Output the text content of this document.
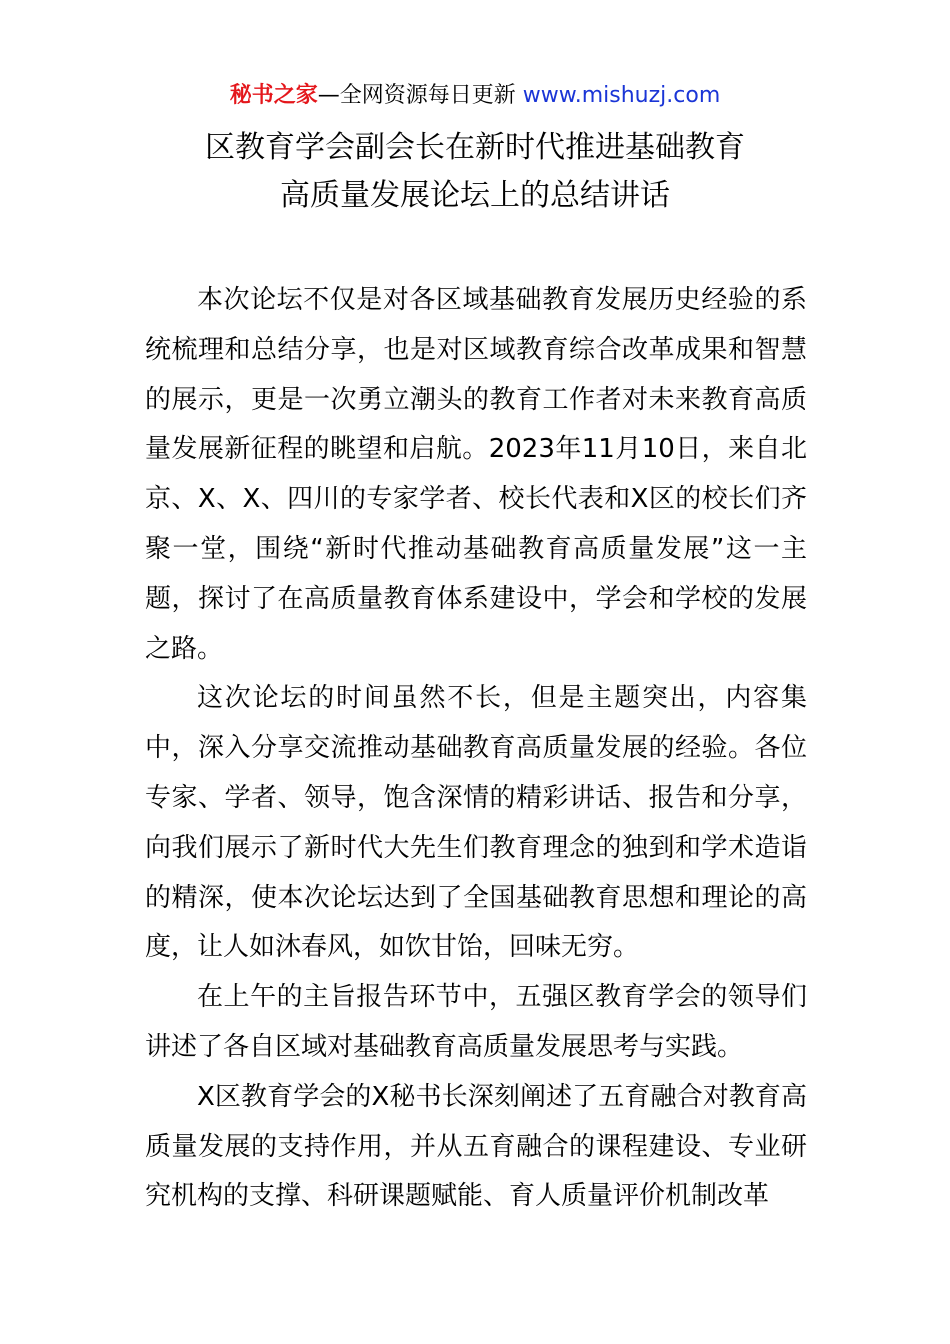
秘书之家—全网资源每日更新 www.mishuzj.com
区教育学会副会长在新时代推进基础教育
高质量发展论坛上的总结讲话

本次论坛不仅是对各区域基础教育发展历史经验的系统梳理和总结分享，也是对区域教育综合改革成果和智慧的展示，更是一次勇立潮头的教育工作者对未来教育高质量发展新征程的眺望和启航。2023年11月10日，来自北京、X、X、四川的专家学者、校长代表和X区的校长们齐聚一堂，围绕“新时代推动基础教育高质量发展”这一主题，探讨了在高质量教育体系建设中，学会和学校的发展之路。

这次论坛的时间虽然不长，但是主题突出，内容集中，深入分享交流推动基础教育高质量发展的经验。各位专家、学者、领导，饱含深情的精彩讲话、报告和分享，向我们展示了新时代大先生们教育理念的独到和学术造诣的精深，使本次论坛达到了全国基础教育思想和理论的高度，让人如沐春风，如饮甘饴，回味无穷。

在上午的主旨报告环节中，五强区教育学会的领导们讲述了各自区域对基础教育高质量发展思考与实践。

X区教育学会的X秘书长深刻阐述了五育融合对教育高质量发展的支持作用，并从五育融合的课程建设、专业研究机构的支撑、科研课题赋能、育人质量评价机制改革
